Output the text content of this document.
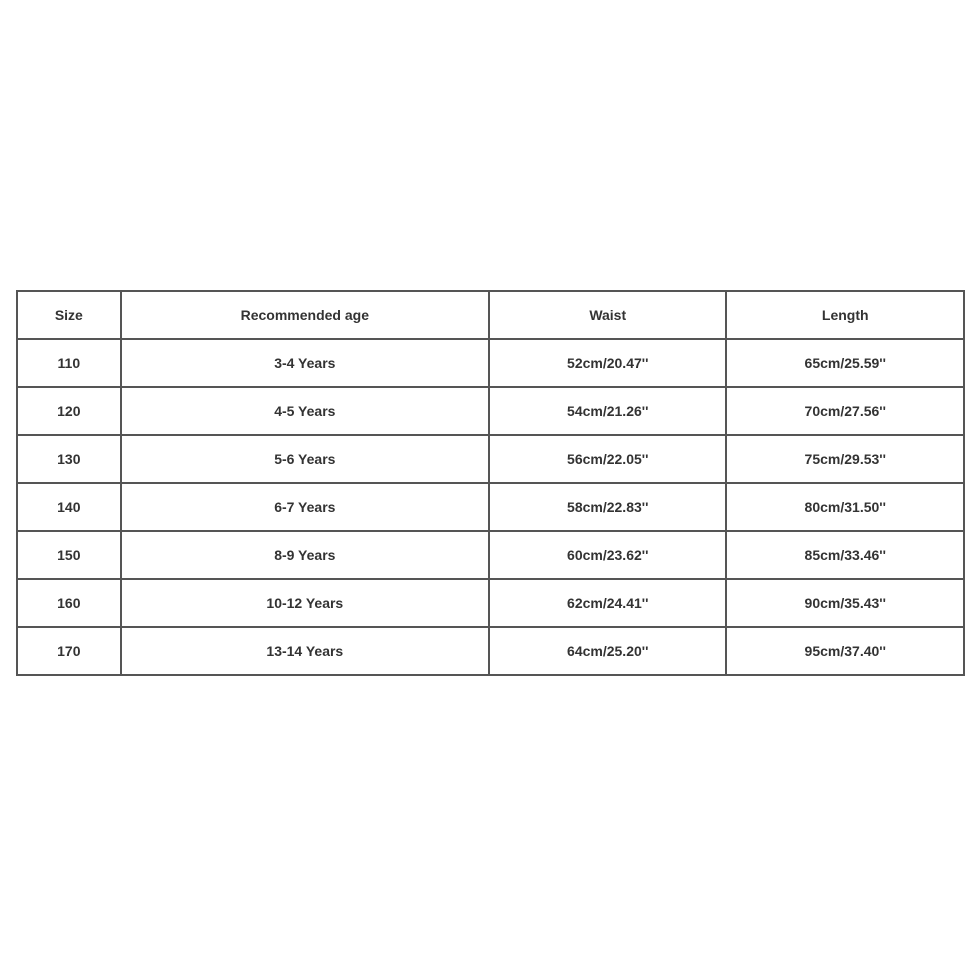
Size	Recommended age	Waist	Length
110	3-4 Years	52cm/20.47''	65cm/25.59''
120	4-5 Years	54cm/21.26''	70cm/27.56''
130	5-6 Years	56cm/22.05''	75cm/29.53''
140	6-7 Years	58cm/22.83''	80cm/31.50''
150	8-9 Years	60cm/23.62''	85cm/33.46''
160	10-12 Years	62cm/24.41''	90cm/35.43''
170	13-14 Years	64cm/25.20''	95cm/37.40''
